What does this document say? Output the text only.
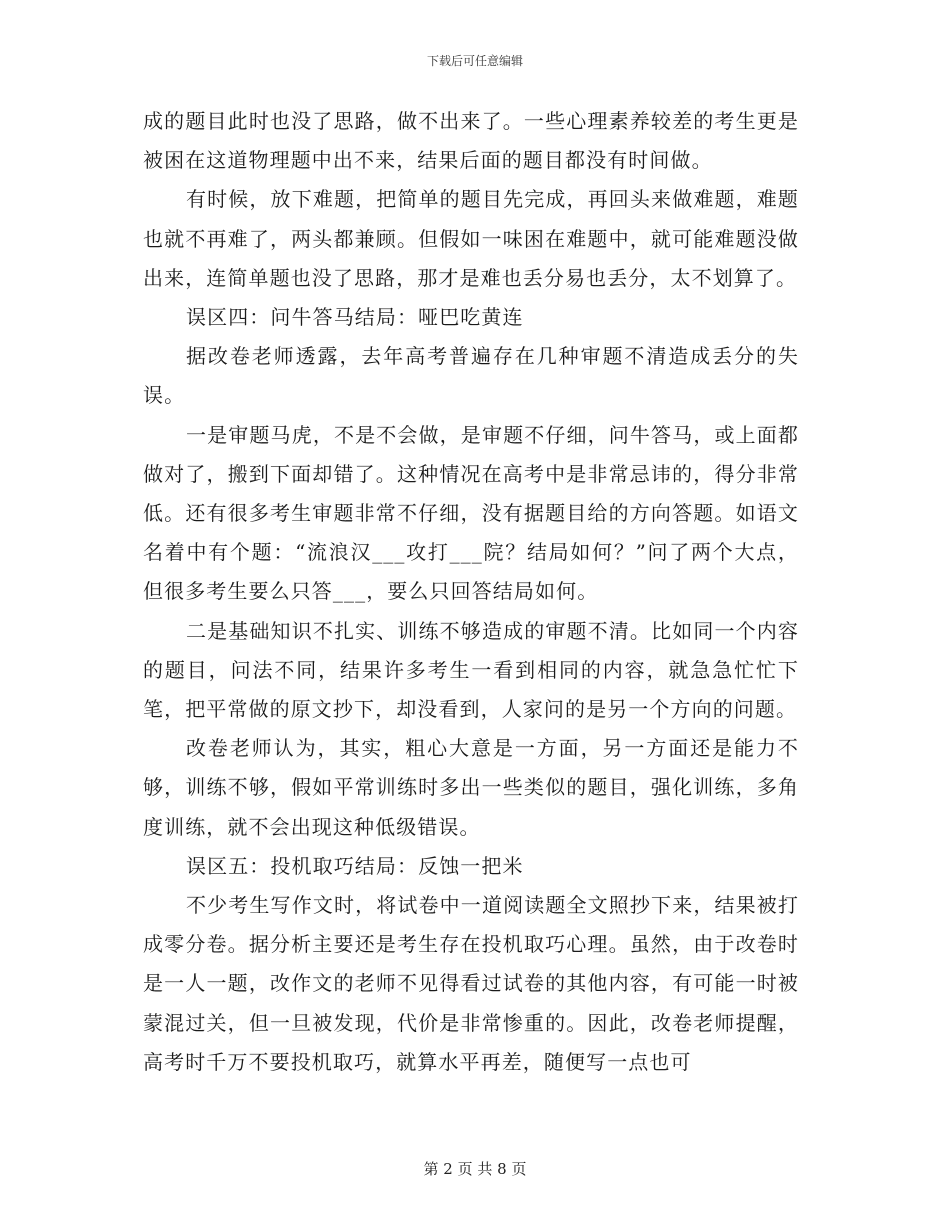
下载后可任意编辑

成的题目此时也没了思路，做不出来了。一些心理素养较差的考生更是被困在这道物理题中出不来，结果后面的题目都没有时间做。

有时候，放下难题，把简单的题目先完成，再回头来做难题，难题也就不再难了，两头都兼顾。但假如一味困在难题中，就可能难题没做出来，连简单题也没了思路，那才是难也丢分易也丢分，太不划算了。

误区四：问牛答马结局：哑巴吃黄连

据改卷老师透露，去年高考普遍存在几种审题不清造成丢分的失误。

一是审题马虎，不是不会做，是审题不仔细，问牛答马，或上面都做对了，搬到下面却错了。这种情况在高考中是非常忌讳的，得分非常低。还有很多考生审题非常不仔细，没有据题目给的方向答题。如语文名着中有个题：“流浪汉___攻打___院？结局如何？”问了两个大点，但很多考生要么只答___，要么只回答结局如何。

二是基础知识不扎实、训练不够造成的审题不清。比如同一个内容的题目，问法不同，结果许多考生一看到相同的内容，就急急忙忙下笔，把平常做的原文抄下，却没看到，人家问的是另一个方向的问题。

改卷老师认为，其实，粗心大意是一方面，另一方面还是能力不够，训练不够，假如平常训练时多出一些类似的题目，强化训练，多角度训练，就不会出现这种低级错误。

误区五：投机取巧结局：反蚀一把米

不少考生写作文时，将试卷中一道阅读题全文照抄下来，结果被打成零分卷。据分析主要还是考生存在投机取巧心理。虽然，由于改卷时是一人一题，改作文的老师不见得看过试卷的其他内容，有可能一时被蒙混过关，但一旦被发现，代价是非常惨重的。因此，改卷老师提醒，高考时千万不要投机取巧，就算水平再差，随便写一点也可

第 2 页 共 8 页
